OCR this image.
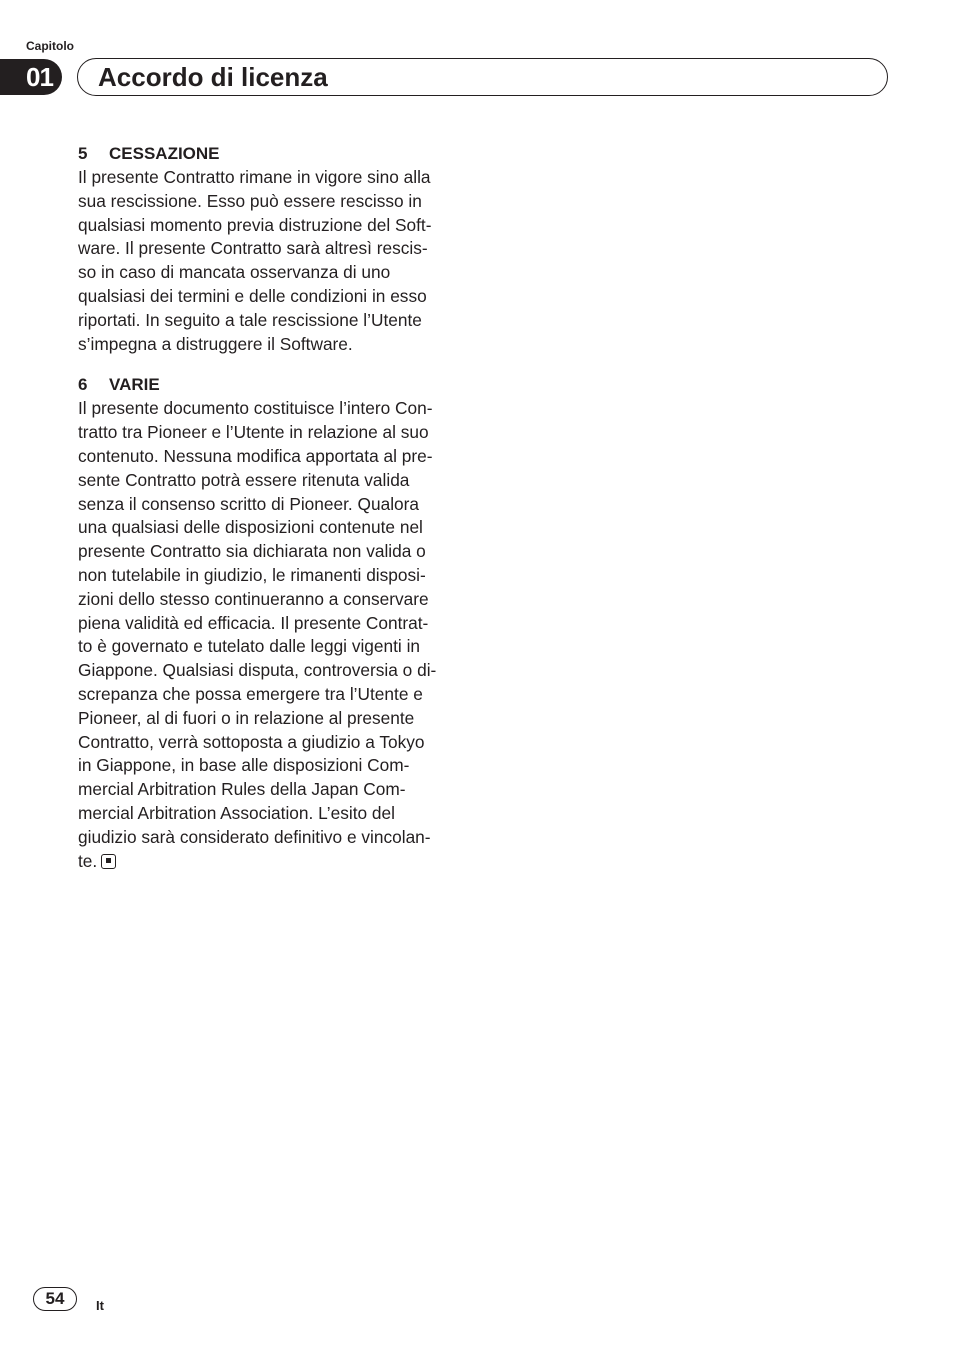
Capitolo
01	Accordo di licenza

5 CESSAZIONE

Il presente Contratto rimane in vigore sino alla
sua rescissione. Esso può essere rescisso in
qualsiasi momento previa distruzione del Soft-
ware. Il presente Contratto sarà altresì rescis-
so in caso di mancata osservanza di uno
qualsiasi dei termini e delle condizioni in esso
riportati. In seguito a tale rescissione l’Utente
s’impegna a distruggere il Software.

6 VARIE

Il presente documento costituisce l’intero Con-
tratto tra Pioneer e l’Utente in relazione al suo
contenuto. Nessuna modifica apportata al pre-
sente Contratto potrà essere ritenuta valida
senza il consenso scritto di Pioneer. Qualora
una qualsiasi delle disposizioni contenute nel
presente Contratto sia dichiarata non valida o
non tutelabile in giudizio, le rimanenti disposi-
zioni dello stesso continueranno a conservare
piena validità ed efficacia. Il presente Contrat-
to è governato e tutelato dalle leggi vigenti in
Giappone. Qualsiasi disputa, controversia o di-
screpanza che possa emergere tra l’Utente e
Pioneer, al di fuori o in relazione al presente
Contratto, verrà sottoposta a giudizio a Tokyo
in Giappone, in base alle disposizioni Com-
mercial Arbitration Rules della Japan Com-
mercial Arbitration Association. L’esito del
giudizio sarà considerato definitivo e vincolan-
te.

54	It
